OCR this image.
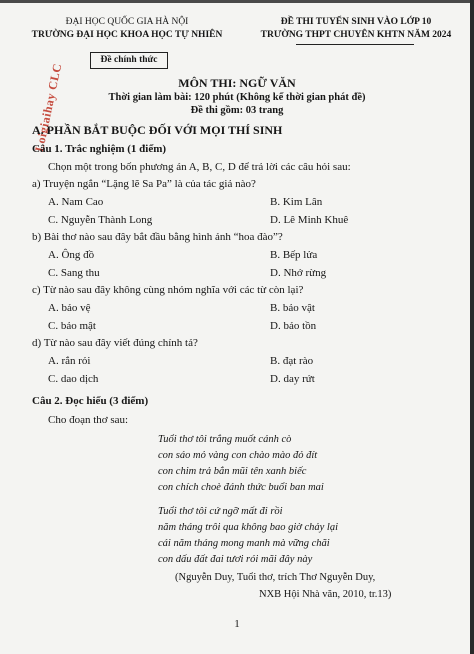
ĐẠI HỌC QUỐC GIA HÀ NỘI
TRƯỜNG ĐẠI HỌC KHOA HỌC TỰ NHIÊN
Đề chính thức
ĐỀ THI TUYỂN SINH VÀO LỚP 10
TRƯỜNG THPT CHUYÊN KHTN NĂM 2024
MÔN THI: NGỮ VĂN
Thời gian làm bài: 120 phút (Không kể thời gian phát đề)
Đề thi gồm: 03 trang
Loigiaihay CLC
A. PHẦN BẮT BUỘC ĐỐI VỚI MỌI THÍ SINH
Câu 1. Trắc nghiệm (1 điểm)
Chọn một trong bốn phương án A, B, C, D để trả lời các câu hỏi sau:
a) Truyện ngắn “Lặng lẽ Sa Pa” là của tác giả nào?
A. Nam Cao	B. Kim Lân
C. Nguyễn Thành Long	D. Lê Minh Khuê
b) Bài thơ nào sau đây bắt đầu bằng hình ảnh “hoa đào”?
A. Ông đồ	B. Bếp lửa
C. Sang thu	D. Nhớ rừng
c) Từ nào sau đây không cùng nhóm nghĩa với các từ còn lại?
A. bảo vệ	B. bảo vật
C. bảo mật	D. bảo tồn
d) Từ nào sau đây viết đúng chính tả?
A. rắn rỏi	B. đạt rào
C. dao dịch	D. day rứt
Câu 2. Đọc hiểu (3 điểm)
Cho đoạn thơ sau:
Tuổi thơ tôi trắng muốt cánh cò
con sáo mỏ vàng con chào mào đỏ đít
con chim trả bắn mũi tên xanh biếc
con chích choè đánh thức buổi ban mai
Tuổi thơ tôi cứ ngỡ mất đi rồi
năm tháng trôi qua không bao giờ chảy lại
cái năm tháng mong manh mà vững chãi
con dấu đất đai tươi rói mãi đây này
(Nguyễn Duy, Tuổi thơ, trích Thơ Nguyễn Duy,
NXB Hội Nhà văn, 2010, tr.13)
1
